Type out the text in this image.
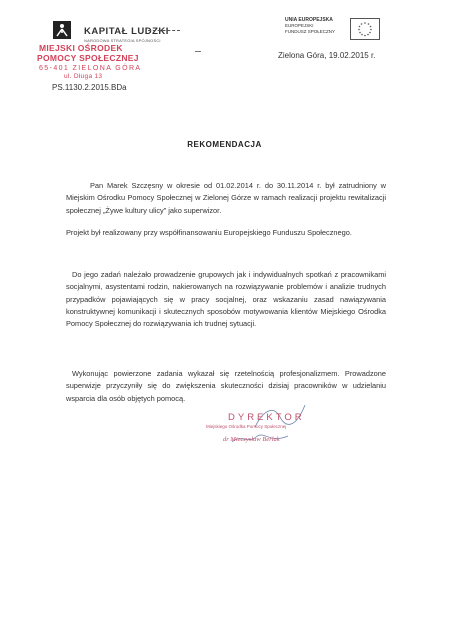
KAPITAŁ LUDZKI
NARODOWA STRATEGIA SPÓJNOŚCI
MIEJSKI OŚRODEK
POMOCY SPOŁECZNEJ
65-401 ZIELONA GÓRA
ul. Długa 13
PS.1130.2.2015.BDa
UNIA EUROPEJSKA
EUROPEJSKI
FUNDUSZ SPOŁECZNY
Zielona Góra, 19.02.2015 r.
REKOMENDACJA

Pan Marek Szczęsny w okresie od 01.02.2014 r. do 30.11.2014 r. był zatrudniony w Miejskim Ośrodku Pomocy Społecznej w Zielonej Górze w ramach realizacji projektu rewitalizacji społecznej „Żywe kultury ulicy” jako superwizor.

Projekt był realizowany przy współfinansowaniu Europejskiego Funduszu Społecznego.

Do jego zadań należało prowadzenie grupowych jak i indywidualnych spotkań z pracownikami socjalnymi, asystentami rodzin, nakierowanych na rozwiązywanie problemów i analizie trudnych przypadków pojawiających się w pracy socjalnej, oraz wskazaniu zasad nawiązywania konstruktywnej komunikacji i skutecznych sposobów motywowania klientów Miejskiego Ośrodka Pomocy Społecznej do rozwiązywania ich trudnej sytuacji.

Wykonując powierzone zadania wykazał się rzetelnością profesjonalizmem. Prowadzone superwizje przyczyniły się do zwiększenia skuteczności dzisiaj pracowników w udzielaniu wsparcia dla osób objętych pomocą.

DYREKTOR
Miejskiego Ośrodka Pomocy Społecznej
dr Mieczysław Berlak
